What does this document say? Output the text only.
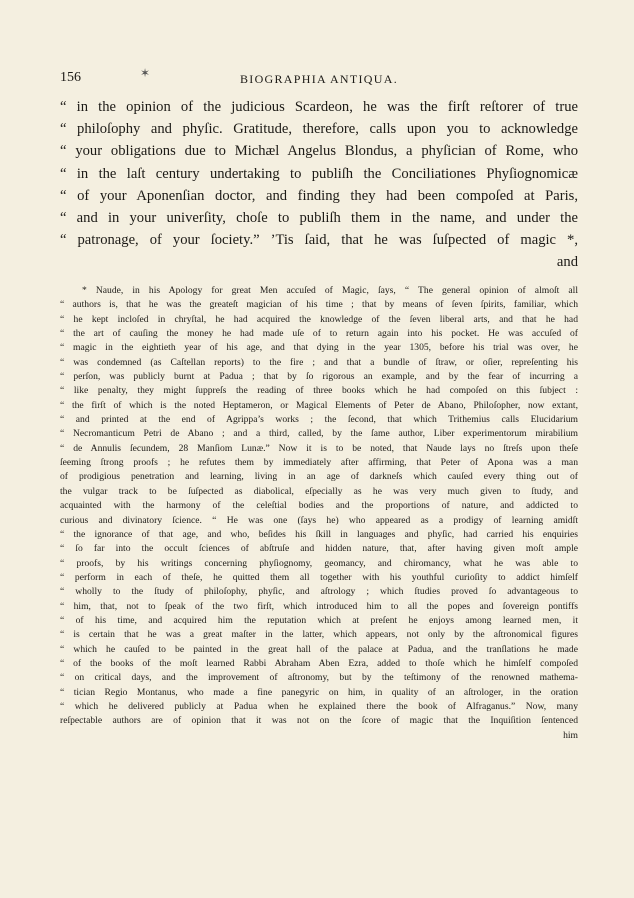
156	✶	BIOGRAPHIA ANTIQUA.
“ in the opinion of the judicious Scardeon, he was the firſt reſtorer of true
“ philoſophy and phyſic. Gratitude, therefore, calls upon you to acknowledge
“ your obligations due to Michæl Angelus Blondus, a phyſician of Rome, who
“ in the laſt century undertaking to publiſh the Conciliationes Phyſiognomicæ
“ of your Aponenſian doctor, and finding they had been compoſed at Paris,
“ and in your univerſity, choſe to publiſh them in the name, and under the
“ patronage, of your ſociety.” ’Tis ſaid, that he was ſuſpected of magic *,
and
* Naude, in his Apology for great Men accuſed of Magic, ſays, “ The general opinion of almoſt all
“ authors is, that he was the greateſt magician of his time ; that by means of ſeven ſpirits, familiar, which
“ he kept incloſed in chryſtal, he had acquired the knowledge of the ſeven liberal arts, and that he had
“ the art of cauſing the money he had made uſe of to return again into his pocket. He was accuſed of
“ magic in the eightieth year of his age, and that dying in the year 1305, before his trial was over, he
“ was condemned (as Caſtellan reports) to the fire ; and that a bundle of ſtraw, or oſier, repreſenting his
“ perſon, was publicly burnt at Padua ; that by ſo rigorous an example, and by the fear of incurring a
“ like penalty, they might ſuppreſs the reading of three books which he had compoſed on this ſubject :
“ the firſt of which is the noted Heptameron, or Magical Elements of Peter de Abano, Philoſopher, now extant,
“ and printed at the end of Agrippa’s works ; the ſecond, that which Trithemius calls Elucidarium
“ Necromanticum Petri de Abano ; and a third, called, by the ſame author, Liber experimentorum mirabilium
“ de Annulis ſecundem, 28 Manſiom Lunæ.” Now it is to be noted, that Naude lays no ſtreſs upon theſe
ſeeming ſtrong proofs ; he refutes them by immediately after affirming, that Peter of Apona was a man
of prodigious penetration and learning, living in an age of darkneſs which cauſed every thing out of
the vulgar track to be ſuſpected as diabolical, eſpecially as he was very much given to ſtudy, and
acquainted with the harmony of the celeſtial bodies and the proportions of nature, and addicted to
curious and divinatory ſcience. “ He was one (ſays he) who appeared as a prodigy of learning amidſt
“ the ignorance of that age, and who, beſides his ſkill in languages and phyſic, had carried his enquiries
“ ſo far into the occult ſciences of abſtruſe and hidden nature, that, after having given moſt ample
“ proofs, by his writings concerning phyſiognomy, geomancy, and chiromancy, what he was able to
“ perform in each of theſe, he quitted them all together with his youthful curioſity to addict himſelf
“ wholly to the ſtudy of philoſophy, phyſic, and aſtrology ; which ſtudies proved ſo advantageous to
“ him, that, not to ſpeak of the two firſt, which introduced him to all the popes and ſovereign pontiffs
“ of his time, and acquired him the reputation which at preſent he enjoys among learned men, it
“ is certain that he was a great maſter in the latter, which appears, not only by the aſtronomical figures
“ which he cauſed to be painted in the great hall of the palace at Padua, and the tranſlations he made
“ of the books of the moſt learned Rabbi Abraham Aben Ezra, added to thoſe which he himſelf compoſed
“ on critical days, and the improvement of aſtronomy, but by the teſtimony of the renowned mathema-
“ tician Regio Montanus, who made a fine panegyric on him, in quality of an aſtrologer, in the oration
“ which he delivered publicly at Padua when he explained there the book of Alfraganus.” Now, many
reſpectable authors are of opinion that it was not on the ſcore of magic that the Inquiſition ſentenced
him
